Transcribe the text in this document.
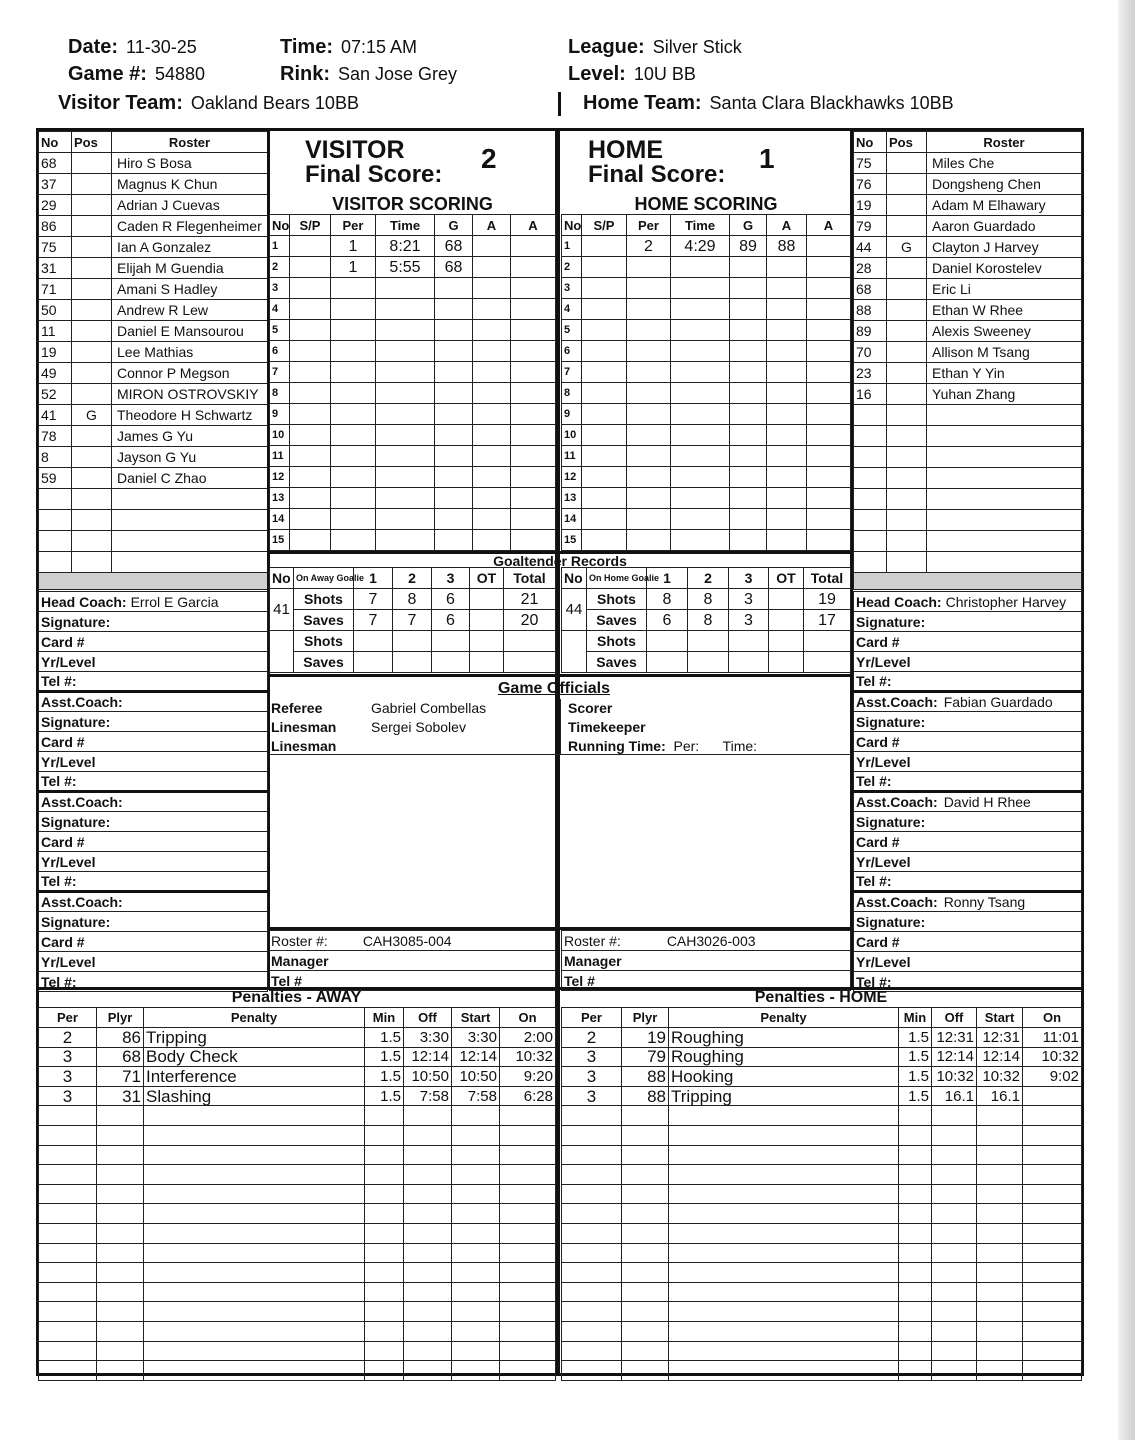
Date: 11-30-25	Time: 07:15 AM	League: Silver Stick
Game #: 54880	Rink: San Jose Grey	Level: 10U BB
Visitor Team: Oakland Bears 10BB	Home Team: Santa Clara Blackhawks 10BB
No	Pos	Roster
68		Hiro S Bosa
37		Magnus K Chun
29		Adrian J Cuevas
86		Caden R Flegenheimer
75		Ian A Gonzalez
31		Elijah M Guendia
71		Amani S Hadley
50		Andrew R Lew
11		Daniel E Mansourou
19		Lee Mathias
49		Connor P Megson
52		MIRON OSTROVSKIY
41	G	Theodore H Schwartz
78		James G Yu
8		Jayson G Yu
59		Daniel C Zhao

No	Pos	Roster
75		Miles Che
76		Dongsheng Chen
19		Adam M Elhawary
79		Aaron Guardado
44	G	Clayton J Harvey
28		Daniel Korostelev
68		Eric Li
88		Ethan W Rhee
89		Alexis Sweeney
70		Allison M Tsang
23		Ethan Y Yin
16		Yuhan Zhang

VISITOR
Final Score:
2
VISITOR SCORING
No	S/P	Per	Time	G	A	A
1		1	8:21	68		
2		1	5:55	68		
3						
4						
5						
6						
7						
8						
9						
10						
11						
12						
13						
14						
15						
HOME
Final Score:
1
HOME SCORING
No	S/P	Per	Time	G	A	A
1		2	4:29	89	88	
2						
3						
4						
5						
6						
7						
8						
9						
10						
11						
12						
13						
14						
15						
Goaltender Records
No	On Away Goalie	1	2	3	OT	Total
41	Shots	7	8	6		21
	Saves	7	7	6		20
	Shots					
	Saves					
No	On Home Goalie	1	2	3	OT	Total
44	Shots	8	8	3		19
	Saves	6	8	3		17
	Shots					
	Saves					
Game Officials
Referee	Gabriel Combellas
Linesman Sergei Sobolev
Linesman
Scorer
Timekeeper
Running Time: Per: Time:
Head Coach: Errol E Garcia
Signature:
Card #
Yr/Level
Tel #:
Asst.Coach:
Signature:
Card #
Yr/Level
Tel #:
Asst.Coach:
Signature:
Card #
Yr/Level
Tel #:
Asst.Coach:
Signature:
Card #
Yr/Level
Tel #:
Head Coach: Christopher Harvey
Signature:
Card #
Yr/Level
Tel #:
Asst.Coach: Fabian Guardado
Signature:
Card #
Yr/Level
Tel #:
Asst.Coach: David H Rhee
Signature:
Card #
Yr/Level
Tel #:
Asst.Coach: Ronny Tsang
Signature:
Card #
Yr/Level
Tel #:
Roster #:	CAH3085-004
Manager
Tel #
Roster #:	CAH3026-003
Manager
Tel #
Penalties - AWAY	Penalties - HOME
Per	Plyr	Penalty	Min	Off	Start	On
2	86	Tripping	1.5	3:30	3:30	2:00
3	68	Body Check	1.5	12:14	12:14	10:32
3	71	Interference	1.5	10:50	10:50	9:20
3	31	Slashing	1.5	7:58	7:58	6:28

Per	Plyr	Penalty	Min	Off	Start	On
2	19	Roughing	1.5	12:31	12:31	11:01
3	79	Roughing	1.5	12:14	12:14	10:32
3	88	Hooking	1.5	10:32	10:32	9:02
3	88	Tripping	1.5	16.1	16.1	
